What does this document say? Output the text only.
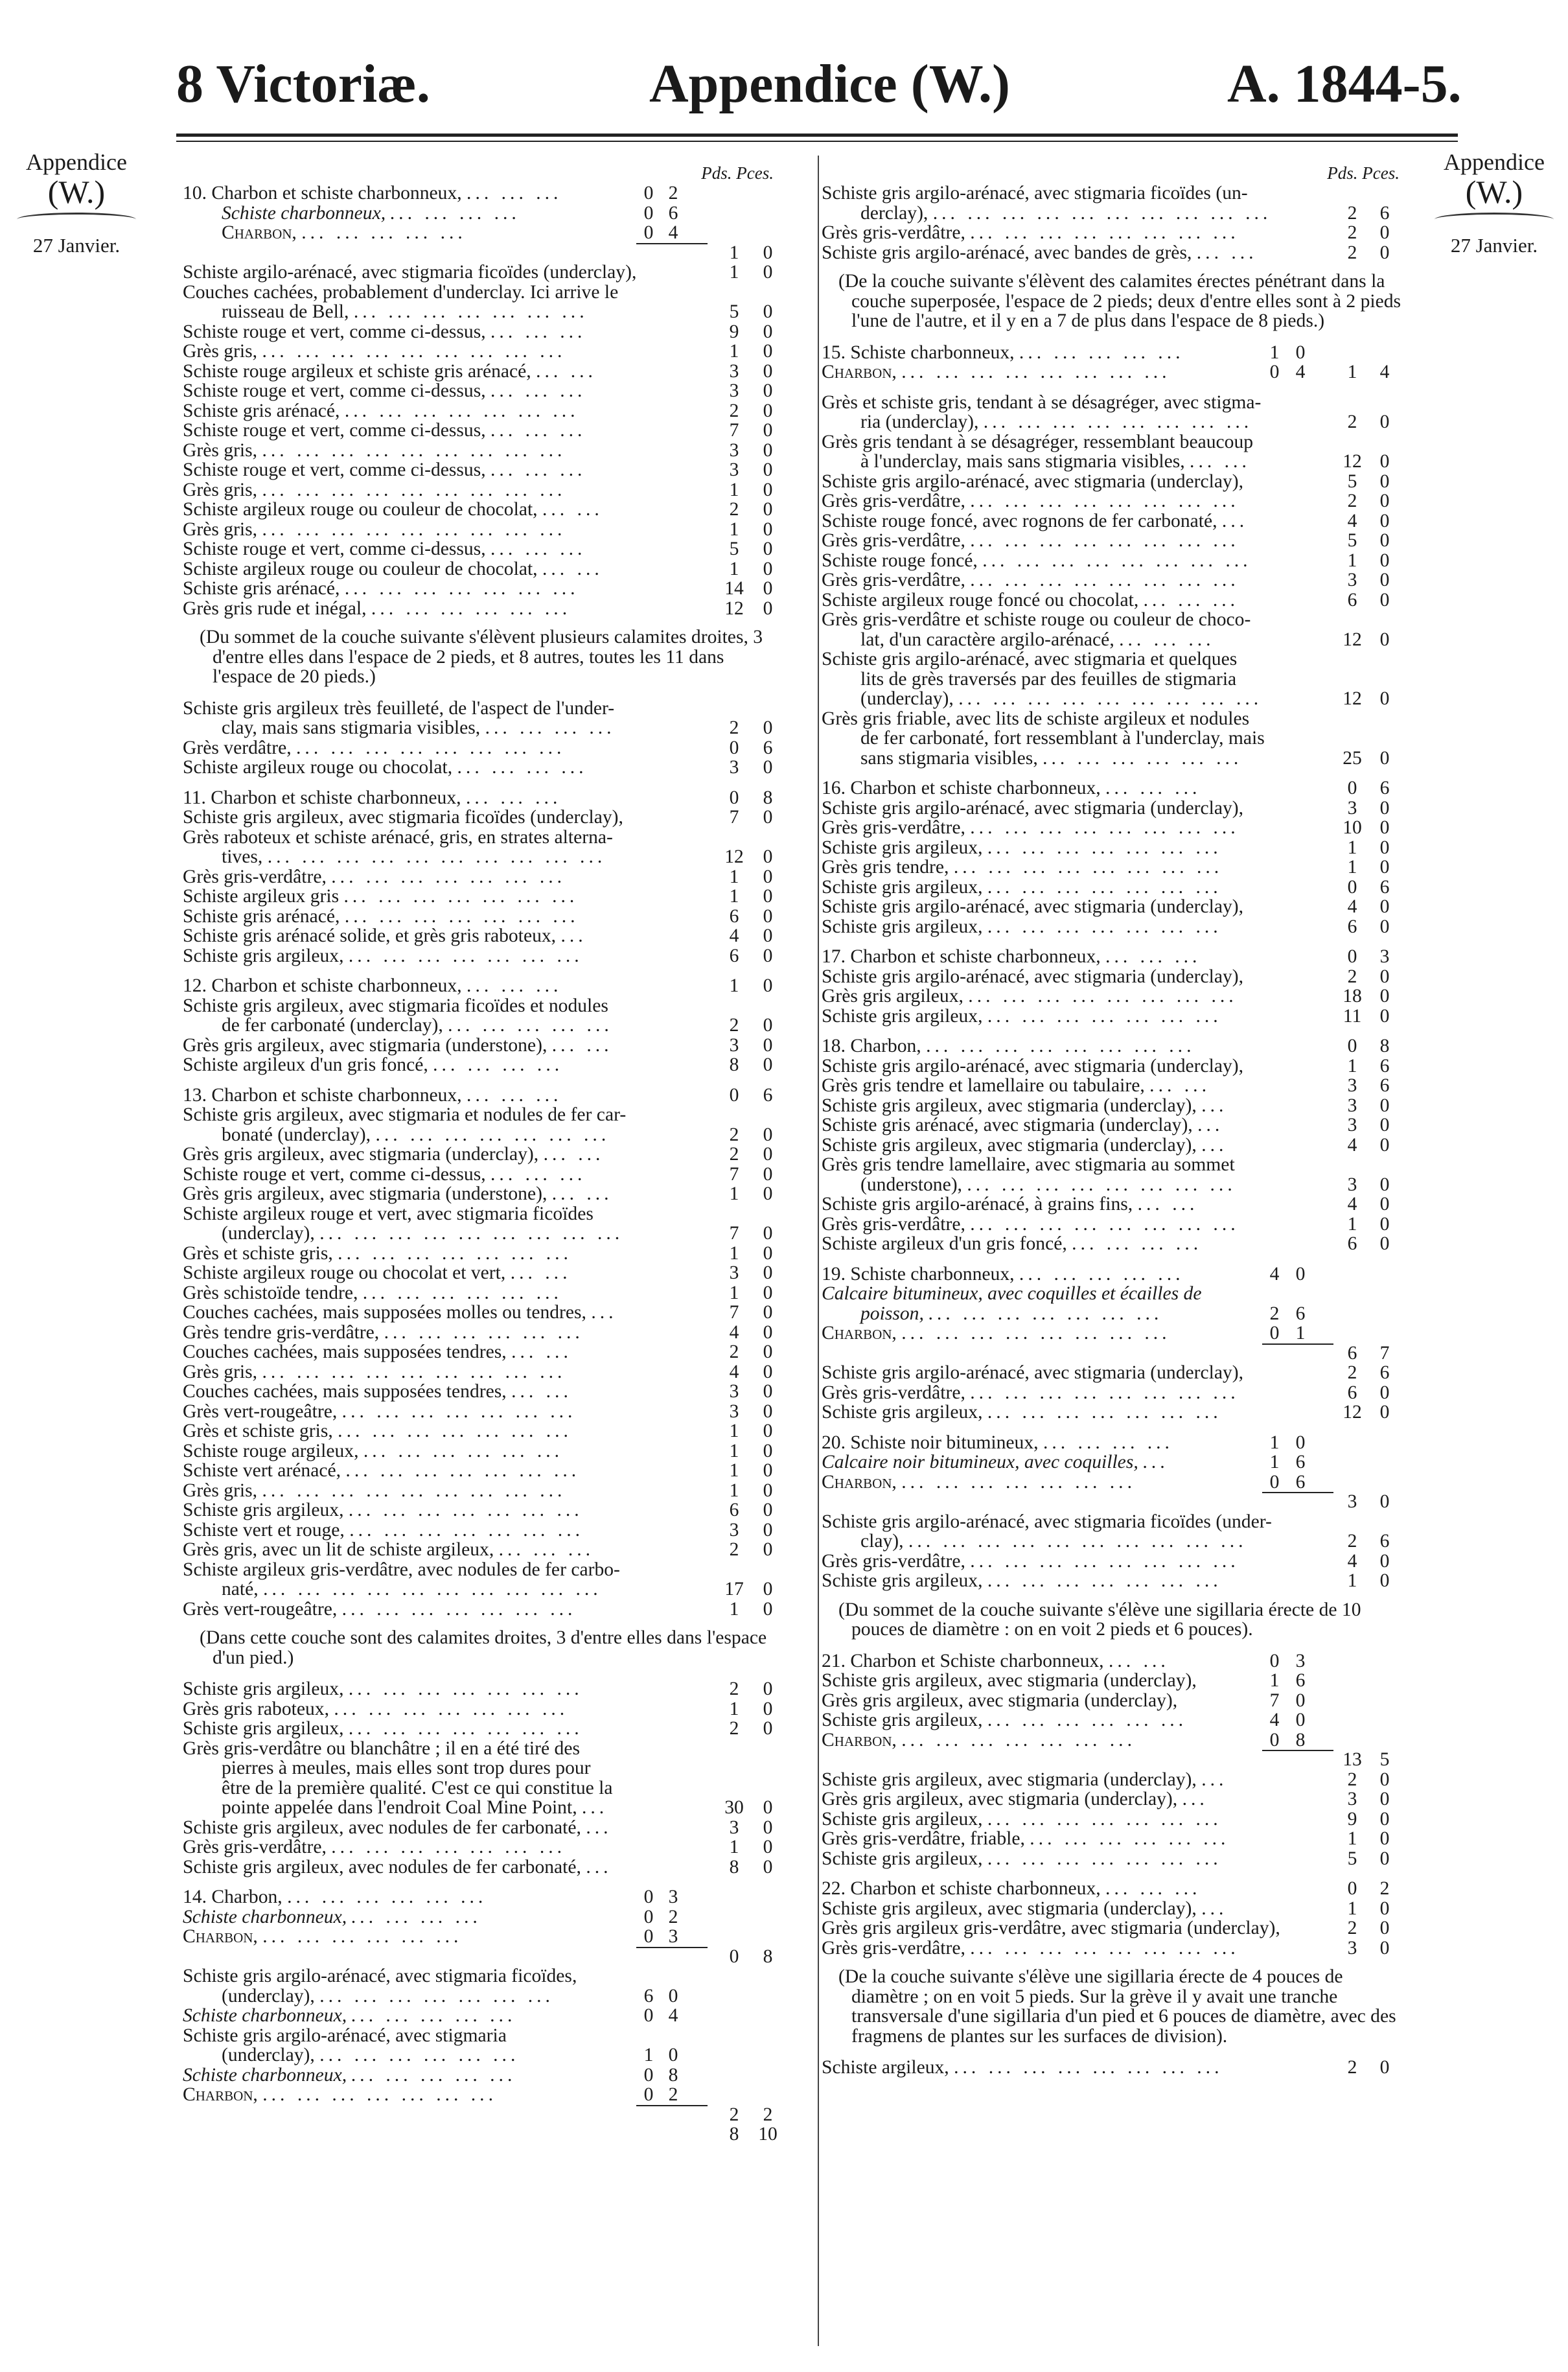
8 Victoriæ.	Appendice (W.)	A. 1844-5.
Appendice
(W.)
27 Janvier.
Appendice
(W.)
27 Janvier.
Pds. Pces.
10. Charbon et schiste charbonneux, ... ... ...	0 2
Schiste charbonneux, ... ... ... ...	0 6
Charbon, ... ... ... ... ...	0 4
1	0
Schiste argilo-arénacé, avec stigmaria ficoïdes (underclay),	1	0
Couches cachées, probablement d'underclay. Ici arrive le
ruisseau de Bell, ... ... ... ... ... ... ...	5	0
Schiste rouge et vert, comme ci-dessus, ... ... ...	9	0
Grès gris, ... ... ... ... ... ... ... ... ...	1	0
Schiste rouge argileux et schiste gris arénacé, ... ...	3	0
Schiste rouge et vert, comme ci-dessus, ... ... ...	3	0
Schiste gris arénacé, ... ... ... ... ... ... ...	2	0
Schiste rouge et vert, comme ci-dessus, ... ... ...	7	0
Grès gris, ... ... ... ... ... ... ... ... ...	3	0
Schiste rouge et vert, comme ci-dessus, ... ... ...	3	0
Grès gris, ... ... ... ... ... ... ... ... ...	1	0
Schiste argileux rouge ou couleur de chocolat, ... ...	2	0
Grès gris, ... ... ... ... ... ... ... ... ...	1	0
Schiste rouge et vert, comme ci-dessus, ... ... ...	5	0
Schiste argileux rouge ou couleur de chocolat, ... ...	1	0
Schiste gris arénacé, ... ... ... ... ... ... ...	14	0
Grès gris rude et inégal, ... ... ... ... ... ...	12	0
(Du sommet de la couche suivante s'élèvent plusieurs calamites droites, 3 d'entre elles dans l'espace de 2 pieds, et 8 autres, toutes les 11 dans l'espace de 20 pieds.)
Schiste gris argileux très feuilleté, de l'aspect de l'under-
clay, mais sans stigmaria visibles, ... ... ... ...	2	0
Grès verdâtre, ... ... ... ... ... ... ... ...	0	6
Schiste argileux rouge ou chocolat, ... ... ... ...	3	0
11. Charbon et schiste charbonneux, ... ... ...	0	8
Schiste gris argileux, avec stigmaria ficoïdes (underclay),	7	0
Grès raboteux et schiste arénacé, gris, en strates alterna-
tives, ... ... ... ... ... ... ... ... ... ...	12	0
Grès gris-verdâtre, ... ... ... ... ... ... ...	1	0
Schiste argileux gris ... ... ... ... ... ... ...	1	0
Schiste gris arénacé, ... ... ... ... ... ... ...	6	0
Schiste gris arénacé solide, et grès gris raboteux, ...	4	0
Schiste gris argileux, ... ... ... ... ... ... ...	6	0
12. Charbon et schiste charbonneux, ... ... ...	1	0
Schiste gris argileux, avec stigmaria ficoïdes et nodules
de fer carbonaté (underclay), ... ... ... ... ...	2	0
Grès gris argileux, avec stigmaria (understone), ... ...	3	0
Schiste argileux d'un gris foncé, ... ... ... ...	8	0
13. Charbon et schiste charbonneux, ... ... ...	0	6
Schiste gris argileux, avec stigmaria et nodules de fer car-
bonaté (underclay), ... ... ... ... ... ... ...	2	0
Grès gris argileux, avec stigmaria (underclay), ... ...	2	0
Schiste rouge et vert, comme ci-dessus, ... ... ...	7	0
Grès gris argileux, avec stigmaria (understone), ... ...	1	0
Schiste argileux rouge et vert, avec stigmaria ficoïdes
(underclay), ... ... ... ... ... ... ... ... ...	7	0
Grès et schiste gris, ... ... ... ... ... ... ...	1	0
Schiste argileux rouge ou chocolat et vert, ... ...	3	0
Grès schistoïde tendre, ... ... ... ... ... ...	1	0
Couches cachées, mais supposées molles ou tendres, ...	7	0
Grès tendre gris-verdâtre, ... ... ... ... ... ...	4	0
Couches cachées, mais supposées tendres, ... ...	2	0
Grès gris, ... ... ... ... ... ... ... ... ...	4	0
Couches cachées, mais supposées tendres, ... ...	3	0
Grès vert-rougeâtre, ... ... ... ... ... ... ...	3	0
Grès et schiste gris, ... ... ... ... ... ... ...	1	0
Schiste rouge argileux, ... ... ... ... ... ...	1	0
Schiste vert arénacé, ... ... ... ... ... ... ...	1	0
Grès gris, ... ... ... ... ... ... ... ... ...	1	0
Schiste gris argileux, ... ... ... ... ... ... ...	6	0
Schiste vert et rouge, ... ... ... ... ... ... ...	3	0
Grès gris, avec un lit de schiste argileux, ... ... ...	2	0
Schiste argileux gris-verdâtre, avec nodules de fer carbo-
naté, ... ... ... ... ... ... ... ... ... ...	17	0
Grès vert-rougeâtre, ... ... ... ... ... ... ...	1	0
(Dans cette couche sont des calamites droites, 3 d'entre elles dans l'espace d'un pied.)
Schiste gris argileux, ... ... ... ... ... ... ...	2	0
Grès gris raboteux, ... ... ... ... ... ... ...	1	0
Schiste gris argileux, ... ... ... ... ... ... ...	2	0
Grès gris-verdâtre ou blanchâtre ; il en a été tiré des
pierres à meules, mais elles sont trop dures pour
être de la première qualité. C'est ce qui constitue la
pointe appelée dans l'endroit Coal Mine Point, ...	30	0
Schiste gris argileux, avec nodules de fer carbonaté, ...	3	0
Grès gris-verdâtre, ... ... ... ... ... ... ...	1	0
Schiste gris argileux, avec nodules de fer carbonaté, ...	8	0
14. Charbon, ... ... ... ... ... ...	0 3
Schiste charbonneux, ... ... ... ...	0 2
Charbon, ... ... ... ... ... ...	0 3
0	8
Schiste gris argilo-arénacé, avec stigmaria ficoïdes,
(underclay), ... ... ... ... ... ... ...	6 0
Schiste charbonneux, ... ... ... ... ...	0 4
Schiste gris argilo-arénacé, avec stigmaria
(underclay), ... ... ... ... ... ...	1 0
Schiste charbonneux, ... ... ... ... ...	0 8
Charbon, ... ... ... ... ... ... ...	0 2
2	2
8	10
Pds. Pces.
Schiste gris argilo-arénacé, avec stigmaria ficoïdes (un-
derclay), ... ... ... ... ... ... ... ... ... ...	2	6
Grès gris-verdâtre, ... ... ... ... ... ... ... ...	2	0
Schiste gris argilo-arénacé, avec bandes de grès, ... ...	2	0
(De la couche suivante s'élèvent des calamites érectes pénétrant dans la couche superposée, l'espace de 2 pieds; deux d'entre elles sont à 2 pieds l'une de l'autre, et il y en a 7 de plus dans l'espace de 8 pieds.)
15. Schiste charbonneux, ... ... ... ... ...	1 0
Charbon, ... ... ... ... ... ... ... ...	0 4	1	4
Grès et schiste gris, tendant à se désagréger, avec stigma-
ria (underclay), ... ... ... ... ... ... ... ...	2	0
Grès gris tendant à se désagréger, ressemblant beaucoup
à l'underclay, mais sans stigmaria visibles, ... ...	12 0
Schiste gris argilo-arénacé, avec stigmaria (underclay),	5	0
Grès gris-verdâtre, ... ... ... ... ... ... ... ...	2	0
Schiste rouge foncé, avec rognons de fer carbonaté, ...	4	0
Grès gris-verdâtre, ... ... ... ... ... ... ... ...	5	0
Schiste rouge foncé, ... ... ... ... ... ... ... ...	1	0
Grès gris-verdâtre, ... ... ... ... ... ... ... ...	3	0
Schiste argileux rouge foncé ou chocolat, ... ... ...	6	0
Grès gris-verdâtre et schiste rouge ou couleur de choco-
lat, d'un caractère argilo-arénacé, ... ... ...	12 0
Schiste gris argilo-arénacé, avec stigmaria et quelques
lits de grès traversés par des feuilles de stigmaria
(underclay), ... ... ... ... ... ... ... ... ...	12 0
Grès gris friable, avec lits de schiste argileux et nodules
de fer carbonaté, fort ressemblant à l'underclay, mais
sans stigmaria visibles, ... ... ... ... ... ...	25 0
16. Charbon et schiste charbonneux, ... ... ...	0	6
Schiste gris argilo-arénacé, avec stigmaria (underclay),	3	0
Grès gris-verdâtre, ... ... ... ... ... ... ... ...	10 0
Schiste gris argileux, ... ... ... ... ... ... ...	1	0
Grès gris tendre, ... ... ... ... ... ... ... ...	1	0
Schiste gris argileux, ... ... ... ... ... ... ...	0	6
Schiste gris argilo-arénacé, avec stigmaria (underclay),	4	0
Schiste gris argileux, ... ... ... ... ... ... ...	6	0
17. Charbon et schiste charbonneux, ... ... ...	0	3
Schiste gris argilo-arénacé, avec stigmaria (underclay),	2	0
Grès gris argileux, ... ... ... ... ... ... ... ...	18 0
Schiste gris argileux, ... ... ... ... ... ... ...	11 0
18. Charbon, ... ... ... ... ... ... ... ...	0	8
Schiste gris argilo-arénacé, avec stigmaria (underclay),	1	6
Grès gris tendre et lamellaire ou tabulaire, ... ...	3	6
Schiste gris argileux, avec stigmaria (underclay), ...	3	0
Schiste gris arénacé, avec stigmaria (underclay), ...	3	0
Schiste gris argileux, avec stigmaria (underclay), ...	4	0
Grès gris tendre lamellaire, avec stigmaria au sommet
(understone), ... ... ... ... ... ... ... ...	3	0
Schiste gris argilo-arénacé, à grains fins, ... ...	4	0
Grès gris-verdâtre, ... ... ... ... ... ... ... ...	1	0
Schiste argileux d'un gris foncé, ... ... ... ...	6	0
19. Schiste charbonneux, ... ... ... ... ...	4 0
Calcaire bitumineux, avec coquilles et écailles de
poisson, ... ... ... ... ... ... ...	2 6
Charbon, ... ... ... ... ... ... ... ...	0 1
6	7
Schiste gris argilo-arénacé, avec stigmaria (underclay),	2	6
Grès gris-verdâtre, ... ... ... ... ... ... ... ...	6	0
Schiste gris argileux, ... ... ... ... ... ... ...	12 0
20. Schiste noir bitumineux, ... ... ... ...	1 0
Calcaire noir bitumineux, avec coquilles, ...	1 6
Charbon, ... ... ... ... ... ... ...	0 6
3	0
Schiste gris argilo-arénacé, avec stigmaria ficoïdes (under-
clay), ... ... ... ... ... ... ... ... ... ...	2	6
Grès gris-verdâtre, ... ... ... ... ... ... ... ...	4	0
Schiste gris argileux, ... ... ... ... ... ... ...	1	0
(Du sommet de la couche suivante s'élève une sigillaria érecte de 10 pouces de diamètre : on en voit 2 pieds et 6 pouces).
21. Charbon et Schiste charbonneux, ... ...	0 3
Schiste gris argileux, avec stigmaria (underclay),	1 6
Grès gris argileux, avec stigmaria (underclay),	7 0
Schiste gris argileux, ... ... ... ... ... ...	4 0
Charbon, ... ... ... ... ... ... ...	0 8
13 5
Schiste gris argileux, avec stigmaria (underclay), ...	2	0
Grès gris argileux, avec stigmaria (underclay), ...	3	0
Schiste gris argileux, ... ... ... ... ... ... ...	9	0
Grès gris-verdâtre, friable, ... ... ... ... ... ...	1	0
Schiste gris argileux, ... ... ... ... ... ... ...	5	0
22. Charbon et schiste charbonneux, ... ... ...	0	2
Schiste gris argileux, avec stigmaria (underclay), ...	1	0
Grès gris argileux gris-verdâtre, avec stigmaria (underclay),	2	0
Grès gris-verdâtre, ... ... ... ... ... ... ... ...	3	0
(De la couche suivante s'élève une sigillaria érecte de 4 pouces de diamètre ; on en voit 5 pieds. Sur la grève il y avait une tranche transversale d'une sigillaria d'un pied et 6 pouces de diamètre, avec des fragmens de plantes sur les surfaces de division).
Schiste argileux, ... ... ... ... ... ... ... ...	2	0
